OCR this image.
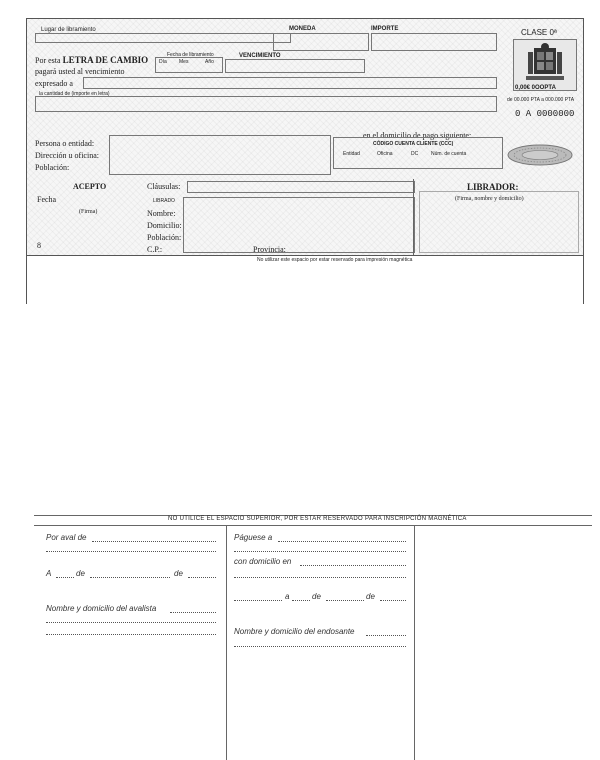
Lugar de libramiento	MONEDA	IMPORTE
Por esta LETRA DE CAMBIO
pagará usted al vencimiento
expresado a
Fecha de libramiento
Día Mes	Año
VENCIMIENTO
la cantidad de (importe en letra)
Persona o entidad:
Dirección u oficina:
Población:
en el domicilio de pago siguiente:
CÓDIGO CUENTA CLIENTE (CCC)
Entidad	Oficina	DC	Núm. de cuenta
CLASE 0ª
0,00€ 0OOPTA
de 00.000 PTA a 000.000 PTA
0 A 0000000
ACEPTO
Fecha
(Firma)
8
Cláusulas:
LIBRADO
Nombre:
Domicilio:
Población:
C.P.:	Provincia:
LIBRADOR:
(Firma, nombre y domicilio)
No utilizar este espacio por estar reservado para impresión magnética
NO UTILICE EL ESPACIO SUPERIOR, POR ESTAR RESERVADO PARA INSCRIPCIÓN MAGNÉTICA
Por aval de
A	de	de
Nombre y domicilio del avalista
Páguese a
con domicilio en
a	de	de
Nombre y domicilio del endosante
